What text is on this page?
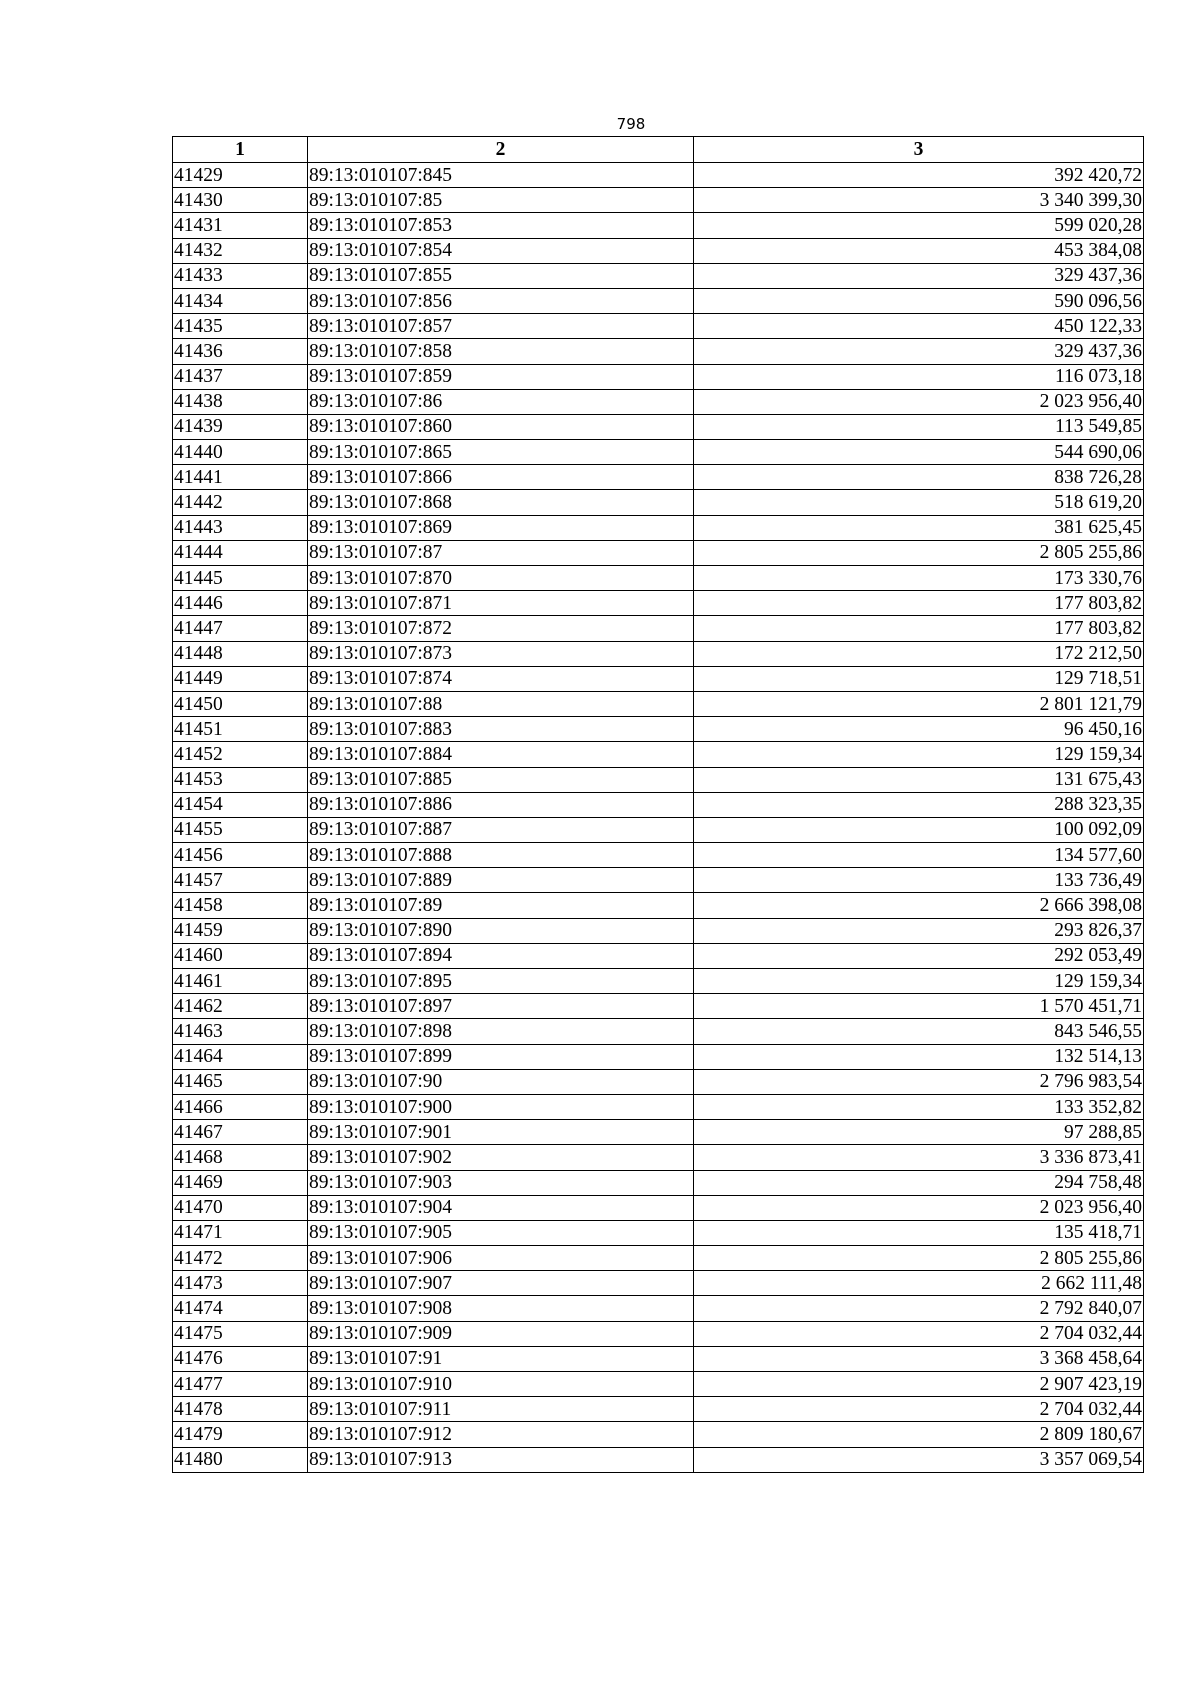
798
1	2	3
41429	89:13:010107:845	392 420,72
41430	89:13:010107:85	3 340 399,30
41431	89:13:010107:853	599 020,28
41432	89:13:010107:854	453 384,08
41433	89:13:010107:855	329 437,36
41434	89:13:010107:856	590 096,56
41435	89:13:010107:857	450 122,33
41436	89:13:010107:858	329 437,36
41437	89:13:010107:859	116 073,18
41438	89:13:010107:86	2 023 956,40
41439	89:13:010107:860	113 549,85
41440	89:13:010107:865	544 690,06
41441	89:13:010107:866	838 726,28
41442	89:13:010107:868	518 619,20
41443	89:13:010107:869	381 625,45
41444	89:13:010107:87	2 805 255,86
41445	89:13:010107:870	173 330,76
41446	89:13:010107:871	177 803,82
41447	89:13:010107:872	177 803,82
41448	89:13:010107:873	172 212,50
41449	89:13:010107:874	129 718,51
41450	89:13:010107:88	2 801 121,79
41451	89:13:010107:883	96 450,16
41452	89:13:010107:884	129 159,34
41453	89:13:010107:885	131 675,43
41454	89:13:010107:886	288 323,35
41455	89:13:010107:887	100 092,09
41456	89:13:010107:888	134 577,60
41457	89:13:010107:889	133 736,49
41458	89:13:010107:89	2 666 398,08
41459	89:13:010107:890	293 826,37
41460	89:13:010107:894	292 053,49
41461	89:13:010107:895	129 159,34
41462	89:13:010107:897	1 570 451,71
41463	89:13:010107:898	843 546,55
41464	89:13:010107:899	132 514,13
41465	89:13:010107:90	2 796 983,54
41466	89:13:010107:900	133 352,82
41467	89:13:010107:901	97 288,85
41468	89:13:010107:902	3 336 873,41
41469	89:13:010107:903	294 758,48
41470	89:13:010107:904	2 023 956,40
41471	89:13:010107:905	135 418,71
41472	89:13:010107:906	2 805 255,86
41473	89:13:010107:907	2 662 111,48
41474	89:13:010107:908	2 792 840,07
41475	89:13:010107:909	2 704 032,44
41476	89:13:010107:91	3 368 458,64
41477	89:13:010107:910	2 907 423,19
41478	89:13:010107:911	2 704 032,44
41479	89:13:010107:912	2 809 180,67
41480	89:13:010107:913	3 357 069,54
